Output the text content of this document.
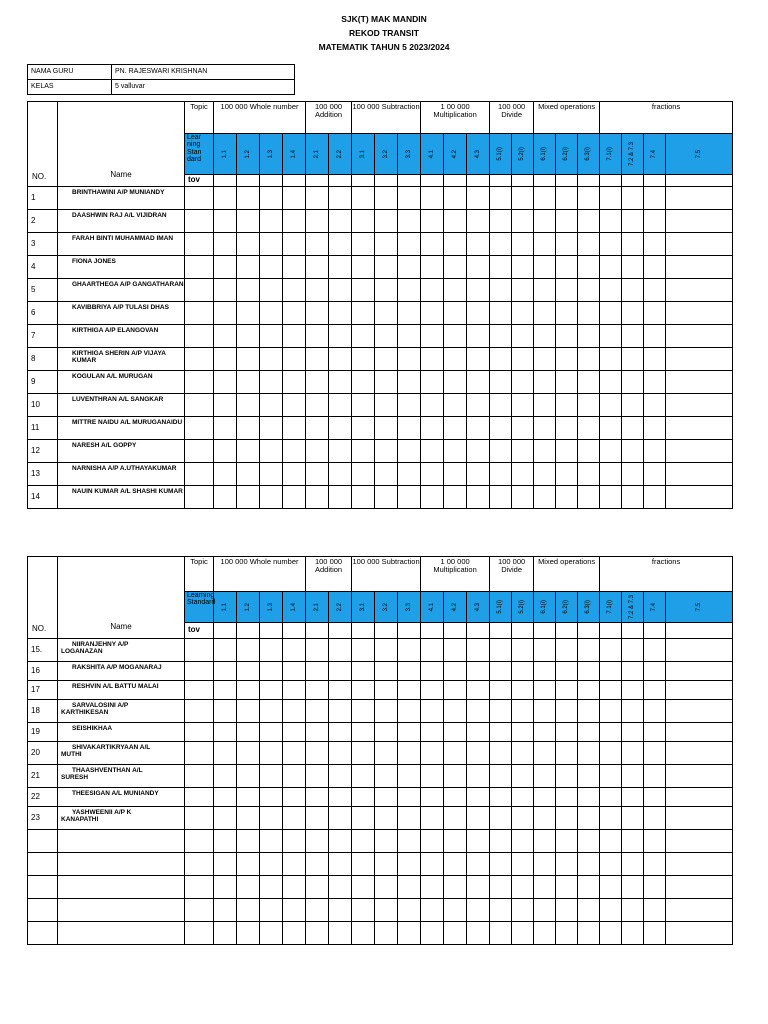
SJK(T) MAK MANDIN
REKOD TRANSIT
MATEMATIK TAHUN 5 2023/2024
NAMA GURU	PN. RAJESWARI KRISHNAN
KELAS	5 valluvar
NO.	Name	Topic	100 000 Whole number				100 000 Addition		100 000 Subtraction			1 00 000 Multiplication			100 000 Divide		Mixed operations			fractions			
		Lear ning Stan dard	1.1	1.2	1.3	1.4	2.1	2.2	3.1	3.2	3.3	4.1	4.2	4.3	5.1(i)	5.2(i)	6.1(i)	6.2(i)	6.3(i)	7.1(i)	7.2 & 7.3	7.4	7.5

		tov																					
1	BRINTHAWINI A/P MUNIANDY																						
2	DAASHWIN RAJ A/L VIJIDRAN																						
3	FARAH BINTI MUHAMMAD IMAN																						
4	FIONA JONES																						
5	GHAARTHEGA A/P GANGATHARAN																						
6	KAVIBBRIYA A/P TULASI DHAS																						
7	KIRTHIGA A/P ELANGOVAN																						
8	KIRTHIGA SHERIN A/P VIJAYA KUMAR																						
9	KOGULAN A/L MURUGAN																						
10	LUVENTHRAN A/L SANGKAR																						
11	MITTRE NAIDU A/L MURUGANAIDU																						
12	NARESH A/L GOPPY																						
13	NARNISHA A/P A.UTHAYAKUMAR																						
14	NAUIN KUMAR A/L SHASHI KUMAR																						
NO.	Name	Topic	100 000 Whole number				100 000 Addition		100 000 Subtraction			1 00 000 Multiplication			100 000 Divide		Mixed operations			fractions			
		Learning Standard	1.1	1.2	1.3	1.4	2.1	2.2	3.1	3.2	3.3	4.1	4.2	4.3	5.1(i)	5.2(i)	6.1(i)	6.2(i)	6.3(i)	7.1(i)	7.2 & 7.3	7.4	7.5

		tov																					
15.	NIIRANJEHNY A/P
LOGANAZAN																						

16	RAKSHITA A/P MOGANARAJ																						

17	RESHVIN A/L BATTU MALAI																						

18	SARVALOSINI A/P
KARTHIKESAN																						

19	SEISHIKHAA																						

20	SHIVAKARTIKRYAAN A/L
MUTHI																						

21	THAASHVENTHAN A/L
SURESH																						

22	THEESIGAN A/L MUNIANDY																						

23	YASHWEENII A/P K
KANAPATHI																						
